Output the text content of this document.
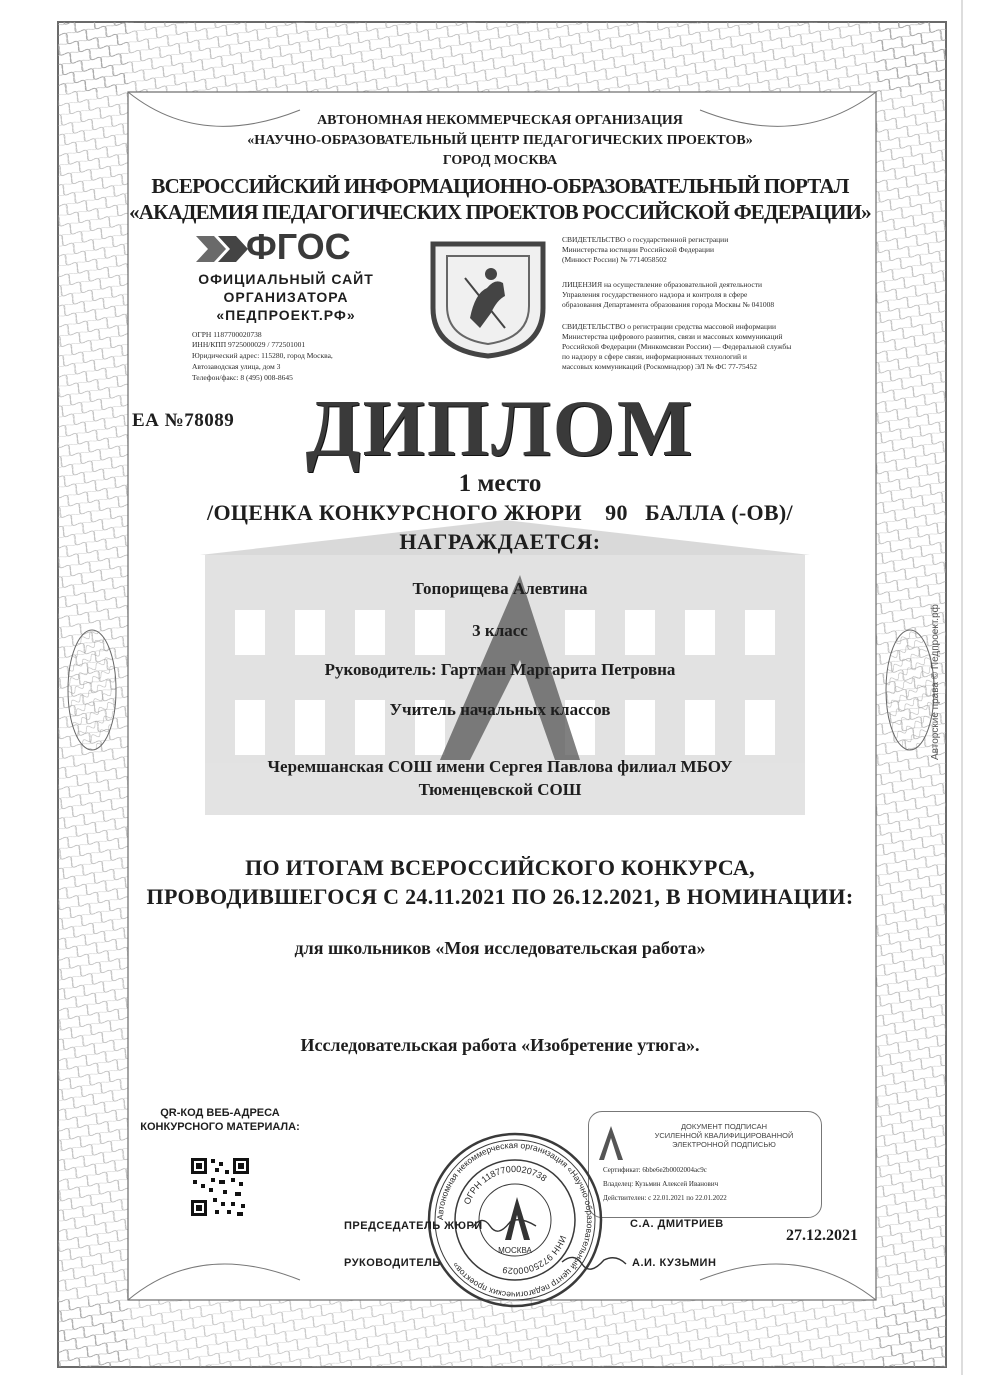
АВТОНОМНАЯ НЕКОММЕРЧЕСКАЯ ОРГАНИЗАЦИЯ
«НАУЧНО-ОБРАЗОВАТЕЛЬНЫЙ ЦЕНТР ПЕДАГОГИЧЕСКИХ ПРОЕКТОВ»
ГОРОД МОСКВА
ВСЕРОССИЙСКИЙ ИНФОРМАЦИОННО-ОБРАЗОВАТЕЛЬНЫЙ ПОРТАЛ
«АКАДЕМИЯ ПЕДАГОГИЧЕСКИХ ПРОЕКТОВ РОССИЙСКОЙ ФЕДЕРАЦИИ»
ФГОС
ОФИЦИАЛЬНЫЙ САЙТ
ОРГАНИЗАТОРА
«ПЕДПРОЕКТ.РФ»
ОГРН 1187700020738
ИНН/КПП 9725000029 / 772501001
Юридический адрес: 115280, город Москва,
Автозаводская улица, дом 3
Телефон/факс: 8 (495) 008-8645
СВИДЕТЕЛЬСТВО о государственной регистрации
Министерства юстиции Российской Федерации
(Минюст России) № 7714058502
ЛИЦЕНЗИЯ на осуществление образовательной деятельности
Управления государственного надзора и контроля в сфере
образования Департамента образования города Москвы № 041008
СВИДЕТЕЛЬСТВО о регистрации средства массовой информации
Министерства цифрового развития, связи и массовых коммуникаций
Российской Федерации (Минкомсвязи России) — Федеральной службы
по надзору в сфере связи, информационных технологий и
массовых коммуникаций (Роскомнадзор) ЭЛ № ФС 77-75452
ЕА №78089 ДИПЛОМ
1 место
/ОЦЕНКА КОНКУРСНОГО ЖЮРИ    90   БАЛЛА (-ОВ)/
НАГРАЖДАЕТСЯ:
Топорищева Алевтина
3 класс
Руководитель: Гартман Маргарита Петровна
Учитель начальных классов
Черемшанская СОШ имени Сергея Павлова филиал МБОУ
Тюменцевской СОШ
ПО ИТОГАМ ВСЕРОССИЙСКОГО КОНКУРСА,
ПРОВОДИВШЕГОСЯ С 24.11.2021 ПО 26.12.2021, В НОМИНАЦИИ:
для школьников «Моя исследовательская работа»
Исследовательская работа «Изобретение утюга».
QR-КОД ВЕБ-АДРЕСА
КОНКУРСНОГО МАТЕРИАЛА:	ДОКУМЕНТ ПОДПИСАН
УСИЛЕННОЙ КВАЛИФИЦИРОВАННОЙ
ЭЛЕКТРОННОЙ ПОДПИСЬЮ
Сертификат: 6bbe6e2b0002004ac9c
Владелец: Кузьмин Алексей Иванович
Действителен: с 22.01.2021 по 22.01.2022
Автономная некоммерческая организация «Научно-образовательный центр педагогических проектов»
ОГРН 1187700020738
ИНН 9725000029
МОСКВА
ПРЕДСЕДАТЕЛЬ ЖЮРИ	С.А. ДМИТРИЕВ
РУКОВОДИТЕЛЬ	А.И. КУЗЬМИН
27.12.2021
Авторские права © Педпроект.рф
